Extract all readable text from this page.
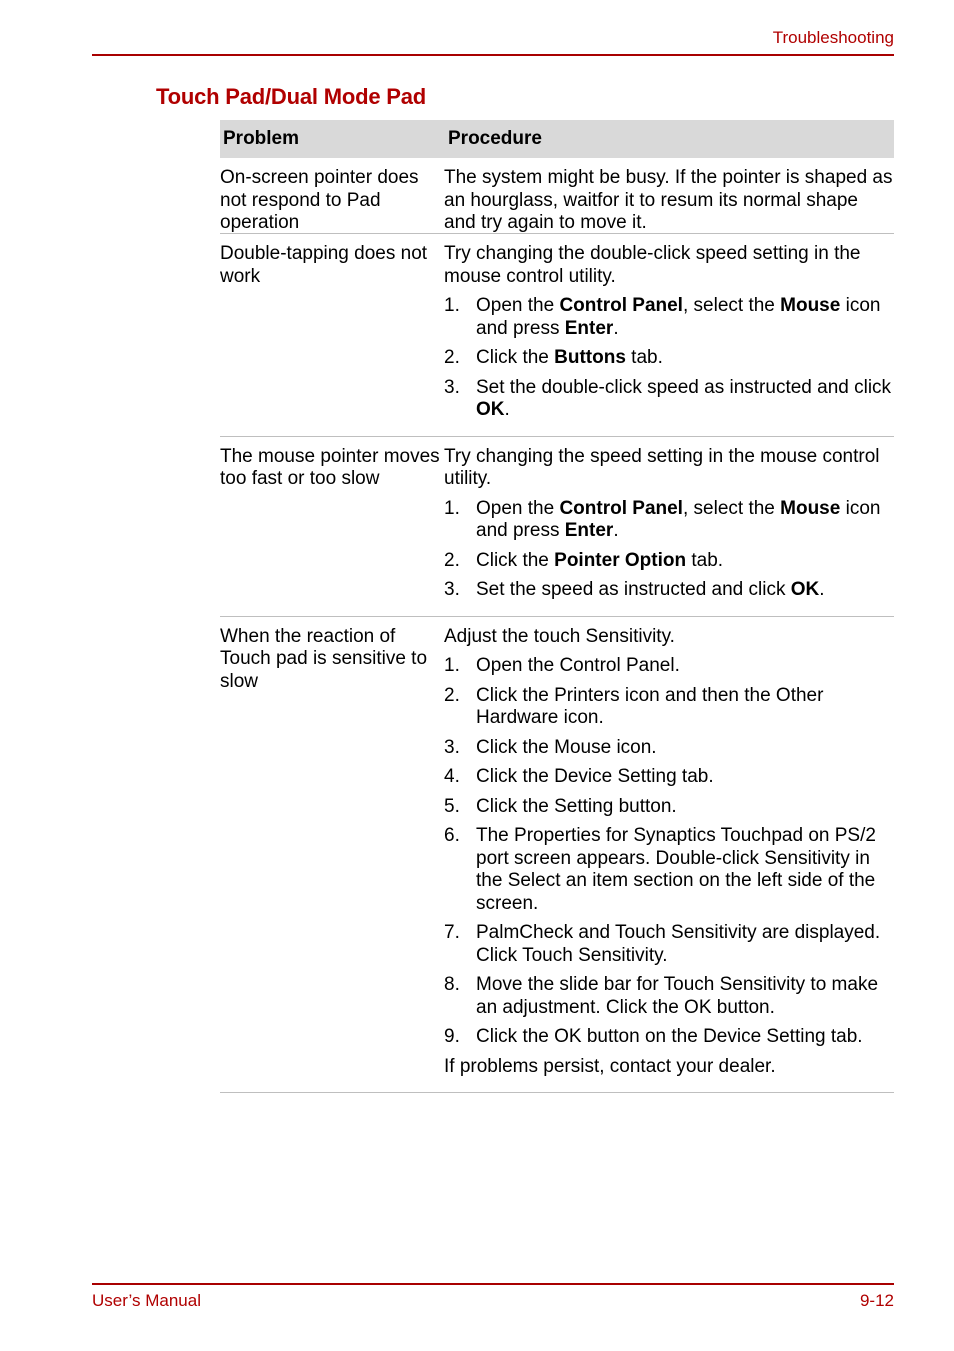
Troubleshooting
Touch Pad/Dual Mode Pad
Problem	Procedure
On-screen pointer does not respond to Pad operation

The system might be busy. If the pointer is shaped as an hourglass, waitfor it to resum its normal shape and try again to move it.

Double-tapping does not work

Try changing the double-click speed setting in the mouse control utility.

1. Open the Control Panel, select the Mouse icon and press Enter.
2. Click the Buttons tab.
3. Set the double-click speed as instructed and click OK.
The mouse pointer moves too fast or too slow

Try changing the speed setting in the mouse control utility.

1. Open the Control Panel, select the Mouse icon and press Enter.
2. Click the Pointer Option tab.
3. Set the speed as instructed and click OK.
When the reaction of Touch pad is sensitive to slow

Adjust the touch Sensitivity.

1. Open the Control Panel.
2. Click the Printers icon and then the Other Hardware icon.
3. Click the Mouse icon.
4. Click the Device Setting tab.
5. Click the Setting button.
6. The Properties for Synaptics Touchpad on PS/2 port screen appears. Double-click Sensitivity in the Select an item section on the left side of the screen.
7. PalmCheck and Touch Sensitivity are displayed. Click Touch Sensitivity.
8. Move the slide bar for Touch Sensitivity to make an adjustment. Click the OK button.
9. Click the OK button on the Device Setting tab.

If problems persist, contact your dealer.

User’s Manual	9-12
